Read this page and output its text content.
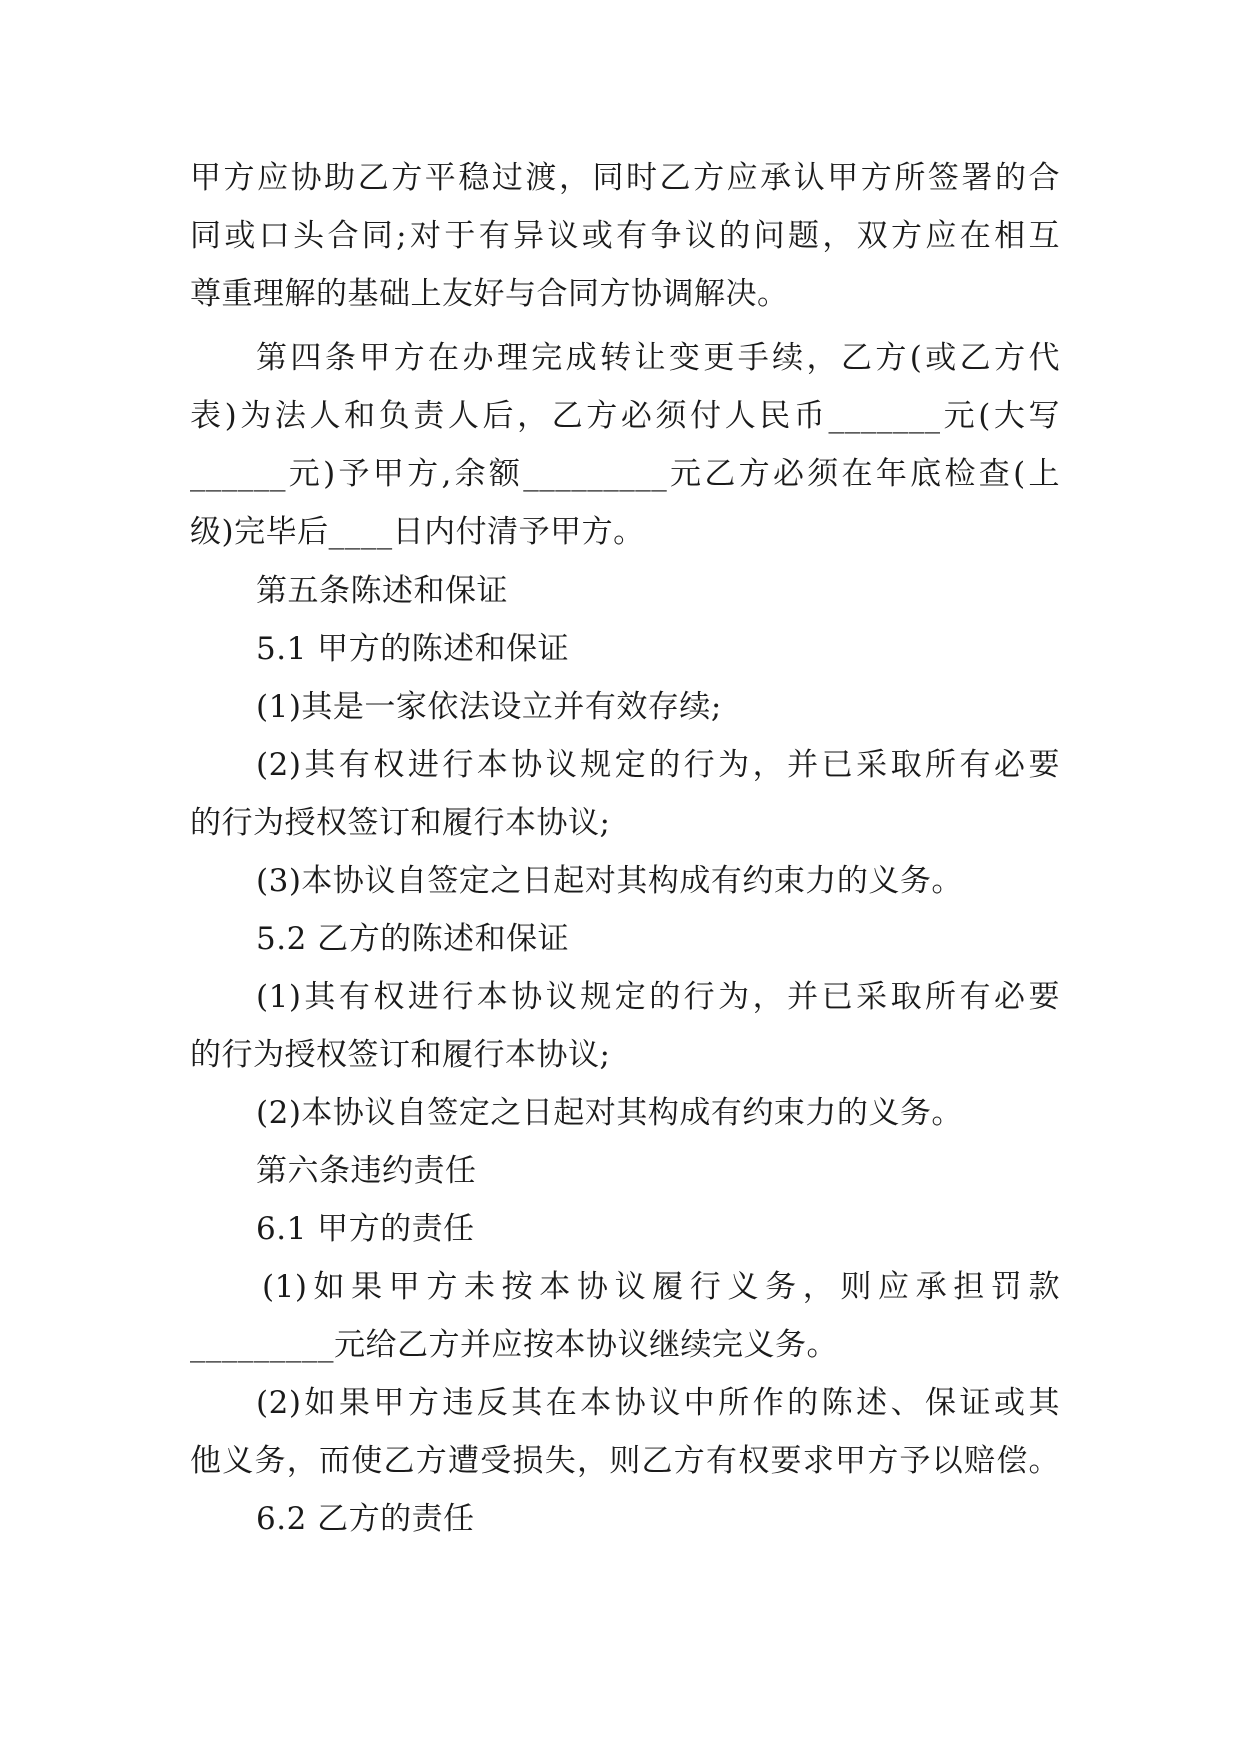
甲方应协助乙方平稳过渡，同时乙方应承认甲方所签署的合
同或口头合同;对于有异议或有争议的问题，双方应在相互
尊重理解的基础上友好与合同方协调解决。
第四条甲方在办理完成转让变更手续，乙方(或乙方代
表)为法人和负责人后，乙方必须付人民币_______元(大写
______元)予甲方,余额_________元乙方必须在年底检查(上
级)完毕后____日内付清予甲方。
第五条陈述和保证
5.1 甲方的陈述和保证
(1)其是一家依法设立并有效存续;
(2)其有权进行本协议规定的行为，并已采取所有必要
的行为授权签订和履行本协议;
(3)本协议自签定之日起对其构成有约束力的义务。
5.2 乙方的陈述和保证
(1)其有权进行本协议规定的行为，并已采取所有必要
的行为授权签订和履行本协议;
(2)本协议自签定之日起对其构成有约束力的义务。
第六条违约责任
6.1 甲方的责任
(1)如果甲方未按本协议履行义务，则应承担罚款
_________元给乙方并应按本协议继续完义务。
(2)如果甲方违反其在本协议中所作的陈述、保证或其
他义务，而使乙方遭受损失，则乙方有权要求甲方予以赔偿。
6.2 乙方的责任
